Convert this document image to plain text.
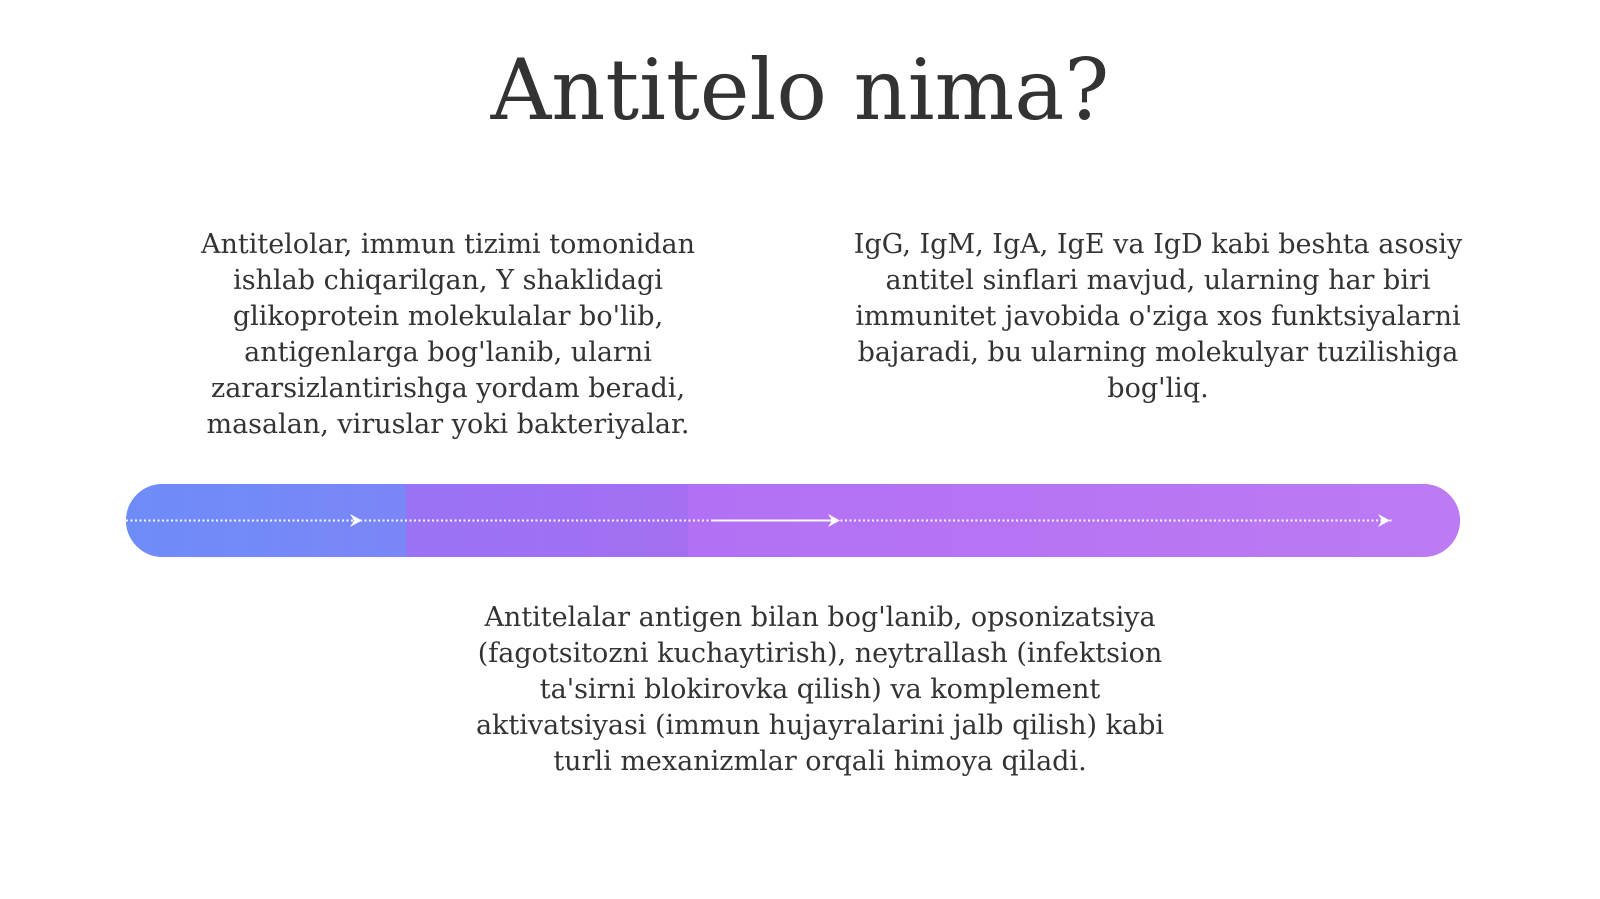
Antitelo nima?

Antitelolar, immun tizimi tomonidan ishlab chiqarilgan, Y shaklidagi glikoprotein molekulalar bo'lib, antigenlarga bog'lanib, ularni zararsizlantirishga yordam beradi, masalan, viruslar yoki bakteriyalar.

IgG, IgM, IgA, IgE va IgD kabi beshta asosiy antitel sinflari mavjud, ularning har biri immunitet javobida o'ziga xos funktsiyalarni bajaradi, bu ularning molekulyar tuzilishiga bog'liq.

Antitelalar antigen bilan bog'lanib, opsonizatsiya (fagotsitozni kuchaytirish), neytrallash (infektsion ta'sirni blokirovka qilish) va komplement aktivatsiyasi (immun hujayralarini jalb qilish) kabi turli mexanizmlar orqali himoya qiladi.
